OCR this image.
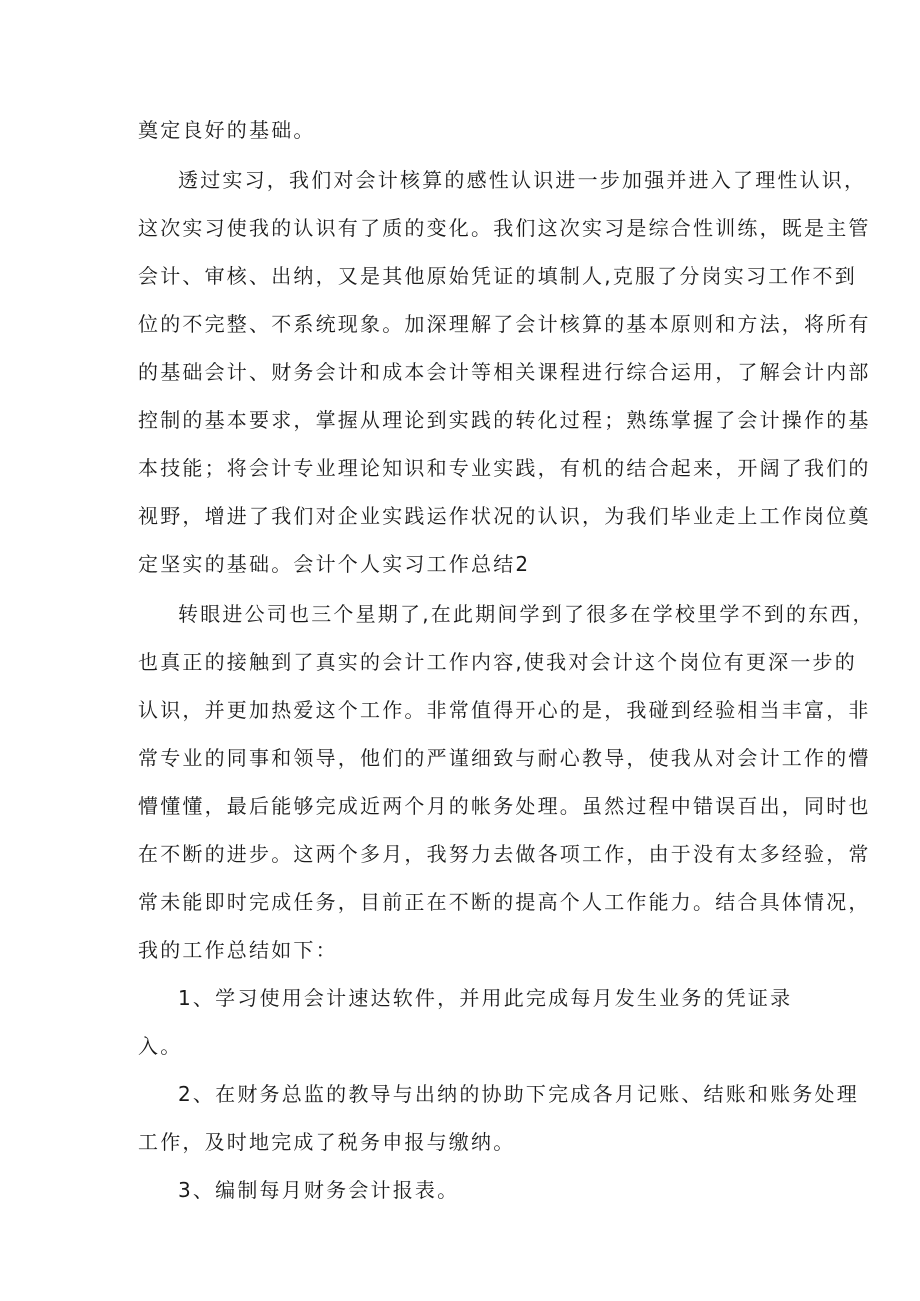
奠定良好的基础。
透过实习，我们对会计核算的感性认识进一步加强并进入了理性认识，
这次实习使我的认识有了质的变化。我们这次实习是综合性训练，既是主管
会计、审核、出纳，又是其他原始凭证的填制人,克服了分岗实习工作不到
位的不完整、不系统现象。加深理解了会计核算的基本原则和方法，将所有
的基础会计、财务会计和成本会计等相关课程进行综合运用，了解会计内部
控制的基本要求，掌握从理论到实践的转化过程；熟练掌握了会计操作的基
本技能；将会计专业理论知识和专业实践，有机的结合起来，开阔了我们的
视野，增进了我们对企业实践运作状况的认识，为我们毕业走上工作岗位奠
定坚实的基础。会计个人实习工作总结2
转眼进公司也三个星期了,在此期间学到了很多在学校里学不到的东西，
也真正的接触到了真实的会计工作内容,使我对会计这个岗位有更深一步的
认识，并更加热爱这个工作。非常值得开心的是，我碰到经验相当丰富，非
常专业的同事和领导，他们的严谨细致与耐心教导，使我从对会计工作的懵
懵懂懂，最后能够完成近两个月的帐务处理。虽然过程中错误百出，同时也
在不断的进步。这两个多月，我努力去做各项工作，由于没有太多经验，常
常未能即时完成任务，目前正在不断的提高个人工作能力。结合具体情况，
我的工作总结如下：
1、学习使用会计速达软件，并用此完成每月发生业务的凭证录
入。
2、在财务总监的教导与出纳的协助下完成各月记账、结账和账务处理
工作，及时地完成了税务申报与缴纳。
3、编制每月财务会计报表。
